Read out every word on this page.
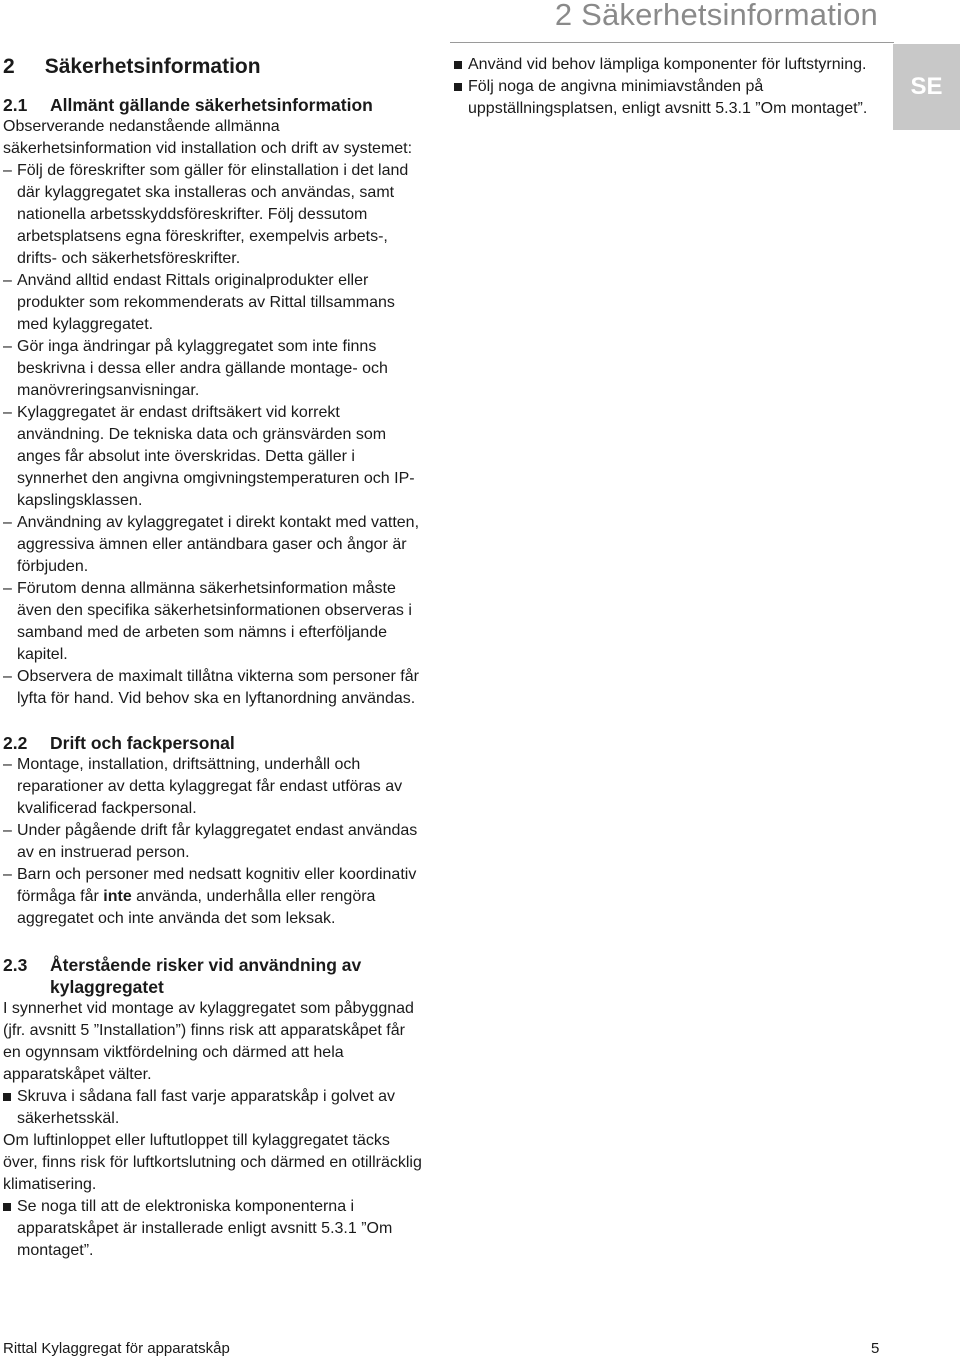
2 Säkerhetsinformation
SE
2 Säkerhetsinformation
2.1	Allmänt gällande säkerhetsinformation

Observerande nedanstående allmänna säkerhetsinformation vid installation och drift av systemet:

– Följ de föreskrifter som gäller för elinstallation i det land där kylaggregatet ska installeras och användas, samt nationella arbetsskyddsföreskrifter. Följ dessutom arbetsplatsens egna föreskrifter, exempelvis arbets-, drifts- och säkerhetsföreskrifter.
– Använd alltid endast Rittals originalprodukter eller produkter som rekommenderats av Rittal tillsammans med kylaggregatet.
– Gör inga ändringar på kylaggregatet som inte finns beskrivna i dessa eller andra gällande montage- och manövreringsanvisningar.
– Kylaggregatet är endast driftsäkert vid korrekt användning. De tekniska data och gränsvärden som anges får absolut inte överskridas. Detta gäller i synnerhet den angivna omgivningstemperaturen och IP-kapslingsklassen.
– Användning av kylaggregatet i direkt kontakt med vatten, aggressiva ämnen eller antändbara gaser och ångor är förbjuden.
– Förutom denna allmänna säkerhetsinformation måste även den specifika säkerhetsinformationen observeras i samband med de arbeten som nämns i efterföljande kapitel.
– Observera de maximalt tillåtna vikterna som personer får lyfta för hand. Vid behov ska en lyftanordning användas.
2.2	Drift och fackpersonal
– Montage, installation, driftsättning, underhåll och reparationer av detta kylaggregat får endast utföras av kvalificerad fackpersonal.
– Under pågående drift får kylaggregatet endast användas av en instruerad person.
– Barn och personer med nedsatt kognitiv eller koordinativ förmåga får inte använda, underhålla eller rengöra aggregatet och inte använda det som leksak.
2.3	Återstående risker vid användning av kylaggregatet

I synnerhet vid montage av kylaggregatet som påbyggnad (jfr. avsnitt 5 ”Installation”) finns risk att apparatskåpet får en ogynnsam viktfördelning och därmed att hela apparatskåpet välter.

Skruva i sådana fall fast varje apparatskåp i golvet av säkerhetsskäl.

Om luftinloppet eller luftutloppet till kylaggregatet täcks över, finns risk för luftkortslutning och därmed en otillräcklig klimatisering.

Se noga till att de elektroniska komponenterna i apparatskåpet är installerade enligt avsnitt 5.3.1 ”Om montaget”.
Använd vid behov lämpliga komponenter för luftstyrning.
Följ noga de angivna minimiavstånden på uppställningsplatsen, enligt avsnitt 5.3.1 ”Om montaget”.
Rittal Kylaggregat för apparatskåp	5
